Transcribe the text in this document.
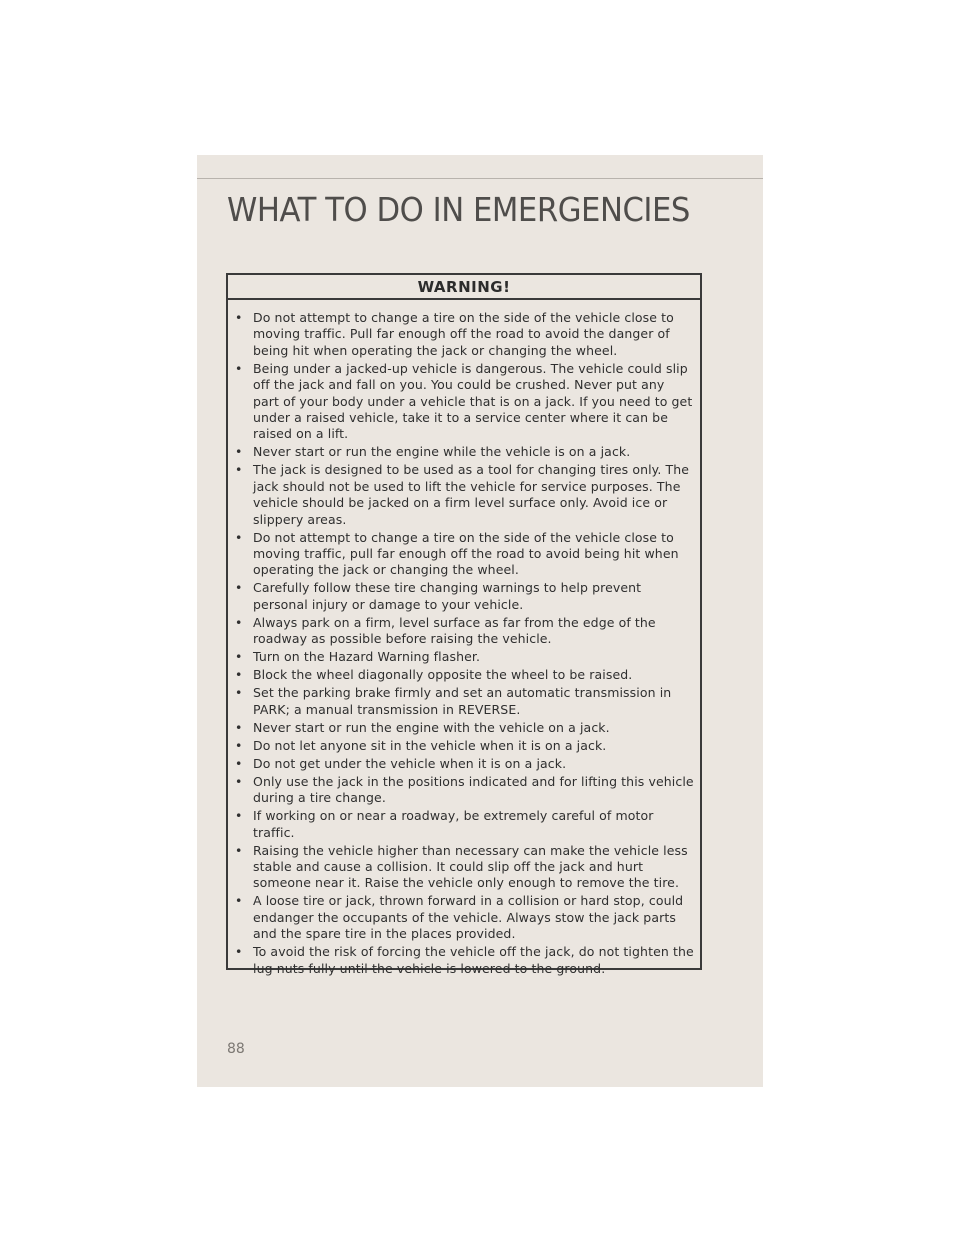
WHAT TO DO IN EMERGENCIES
WARNING!
• Do not attempt to change a tire on the side of the vehicle close to moving traffic. Pull far enough off the road to avoid the danger of being hit when operating the jack or changing the wheel.
• Being under a jacked-up vehicle is dangerous. The vehicle could slip off the jack and fall on you. You could be crushed. Never put any part of your body under a vehicle that is on a jack. If you need to get under a raised vehicle, take it to a service center where it can be raised on a lift.
• Never start or run the engine while the vehicle is on a jack.
• The jack is designed to be used as a tool for changing tires only. The jack should not be used to lift the vehicle for service purposes. The vehicle should be jacked on a firm level surface only. Avoid ice or slippery areas.
• Do not attempt to change a tire on the side of the vehicle close to moving traffic, pull far enough off the road to avoid being hit when operating the jack or changing the wheel.
• Carefully follow these tire changing warnings to help prevent personal injury or damage to your vehicle.
• Always park on a firm, level surface as far from the edge of the roadway as possible before raising the vehicle.
• Turn on the Hazard Warning flasher.
• Block the wheel diagonally opposite the wheel to be raised.
• Set the parking brake firmly and set an automatic transmission in PARK; a manual transmission in REVERSE.
• Never start or run the engine with the vehicle on a jack.
• Do not let anyone sit in the vehicle when it is on a jack.
• Do not get under the vehicle when it is on a jack.
• Only use the jack in the positions indicated and for lifting this vehicle during a tire change.
• If working on or near a roadway, be extremely careful of motor traffic.
• Raising the vehicle higher than necessary can make the vehicle less stable and cause a collision. It could slip off the jack and hurt someone near it. Raise the vehicle only enough to remove the tire.
• A loose tire or jack, thrown forward in a collision or hard stop, could endanger the occupants of the vehicle. Always stow the jack parts and the spare tire in the places provided.
• To avoid the risk of forcing the vehicle off the jack, do not tighten the lug nuts fully until the vehicle is lowered to the ground.
88
